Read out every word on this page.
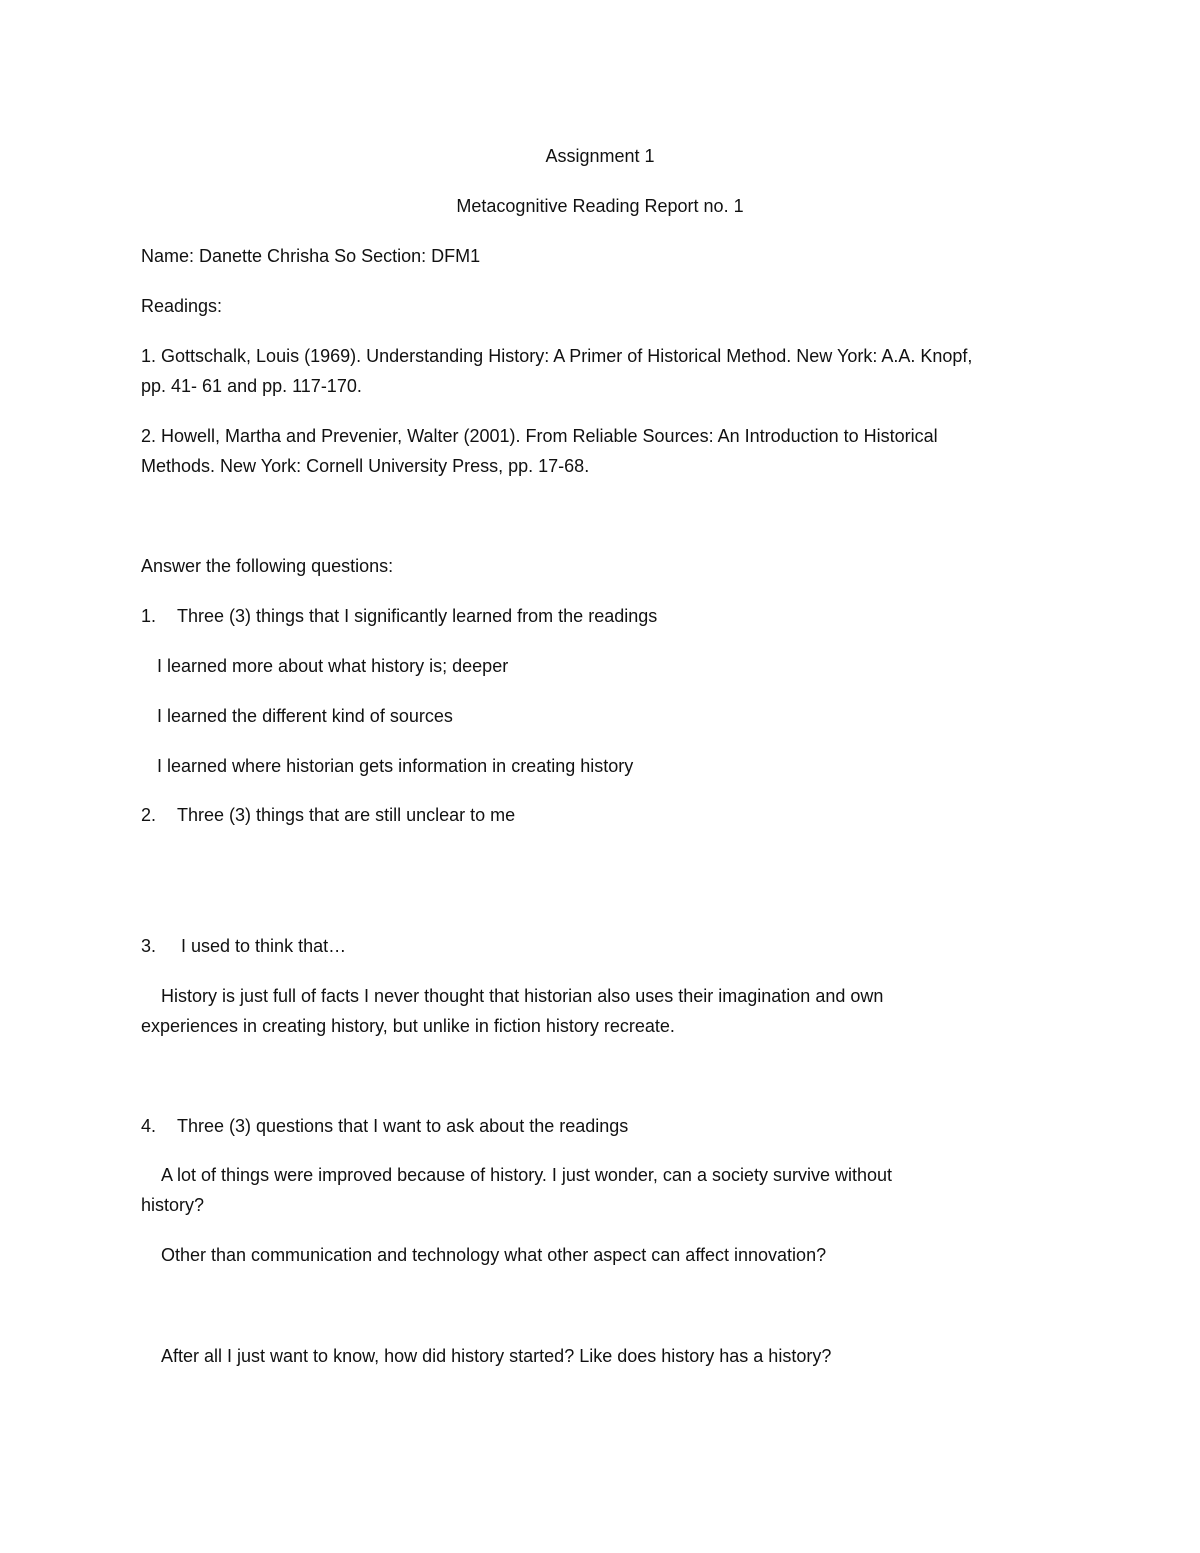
Assignment 1
Metacognitive Reading Report no. 1
Name: Danette Chrisha So Section: DFM1
Readings:
1. Gottschalk, Louis (1969). Understanding History: A Primer of Historical Method. New York: A.A. Knopf,
pp. 41- 61 and pp. 117-170.
2. Howell, Martha and Prevenier, Walter (2001). From Reliable Sources: An Introduction to Historical
Methods. New York: Cornell University Press, pp. 17-68.
Answer the following questions:
1. Three (3) things that I significantly learned from the readings
I learned more about what history is; deeper
I learned the different kind of sources
I learned where historian gets information in creating history
2. Three (3) things that are still unclear to me
3. I used to think that…
History is just full of facts I never thought that historian also uses their imagination and own
experiences in creating history, but unlike in fiction history recreate.
4. Three (3) questions that I want to ask about the readings
A lot of things were improved because of history. I just wonder, can a society survive without
history?
Other than communication and technology what other aspect can affect innovation?
After all I just want to know, how did history started? Like does history has a history?
